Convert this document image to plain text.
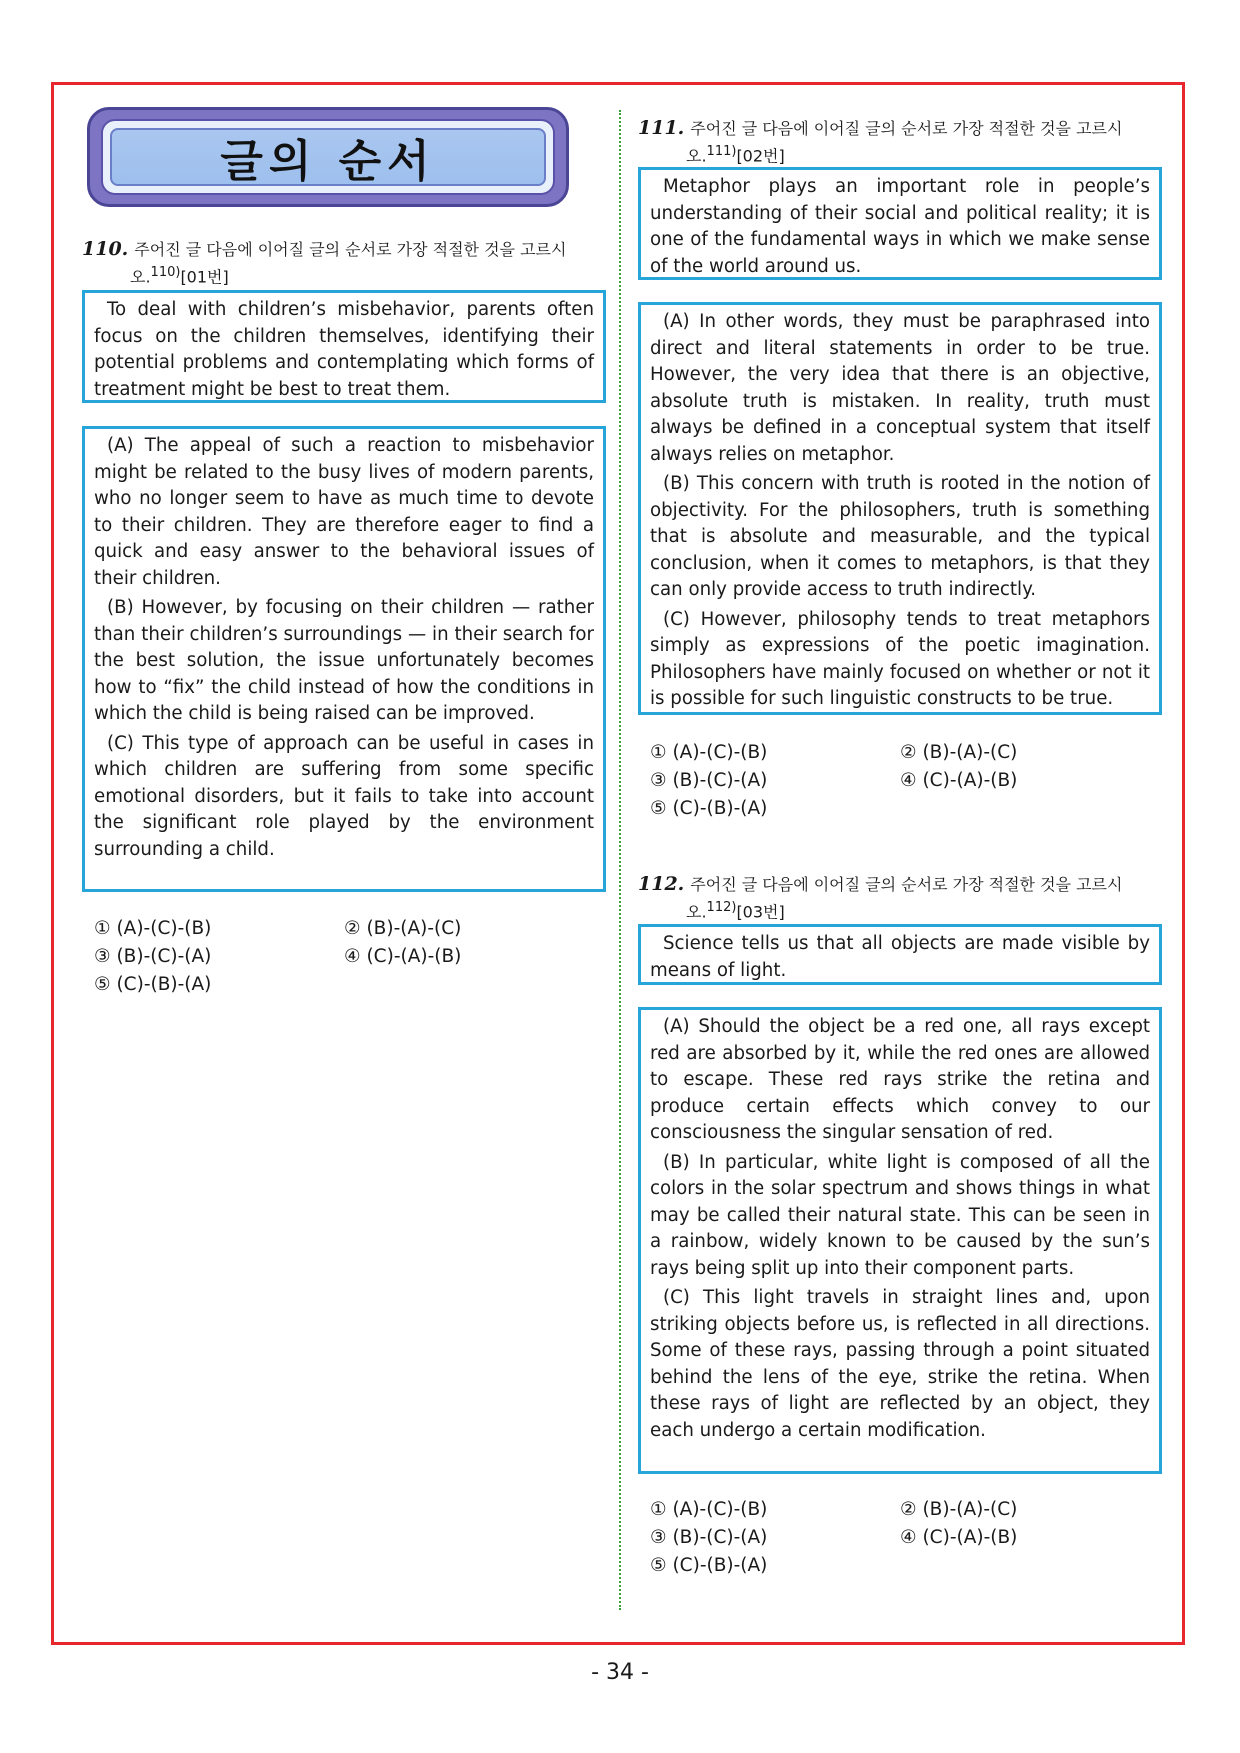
글의 순서
110. 주어진 글 다음에 이어질 글의 순서로 가장 적절한 것을 고르시
오.$^{110)}$[01번]

To deal with children’s misbehavior, parents often focus on the children themselves, identifying their potential problems and contemplating which forms of treatment might be best to treat them.

(A) The appeal of such a reaction to misbehavior might be related to the busy lives of modern parents, who no longer seem to have as much time to devote to their children. They are therefore eager to find a quick and easy answer to the behavioral issues of their children.

(B) However, by focusing on their children — rather than their children’s surroundings — in their search for the best solution, the issue unfortunately becomes how to “fix” the child instead of how the conditions in which the child is being raised can be improved.

(C) This type of approach can be useful in cases in which children are suffering from some specific emotional disorders, but it fails to take into account the significant role played by the environment surrounding a child.

① (A)-(C)-(B)	② (B)-(A)-(C)
③ (B)-(C)-(A)	④ (C)-(A)-(B)
⑤ (C)-(B)-(A)
111. 주어진 글 다음에 이어질 글의 순서로 가장 적절한 것을 고르시
오.$^{111)}$[02번]

Metaphor plays an important role in people’s understanding of their social and political reality; it is one of the fundamental ways in which we make sense of the world around us.

(A) In other words, they must be paraphrased into direct and literal statements in order to be true. However, the very idea that there is an objective, absolute truth is mistaken. In reality, truth must always be defined in a conceptual system that itself always relies on metaphor.

(B) This concern with truth is rooted in the notion of objectivity. For the philosophers, truth is something that is absolute and measurable, and the typical conclusion, when it comes to metaphors, is that they can only provide access to truth indirectly.

(C) However, philosophy tends to treat metaphors simply as expressions of the poetic imagination. Philosophers have mainly focused on whether or not it is possible for such linguistic constructs to be true.

① (A)-(C)-(B)	② (B)-(A)-(C)
③ (B)-(C)-(A)	④ (C)-(A)-(B)
⑤ (C)-(B)-(A)
112. 주어진 글 다음에 이어질 글의 순서로 가장 적절한 것을 고르시
오.$^{112)}$[03번]

Science tells us that all objects are made visible by means of light.

(A) Should the object be a red one, all rays except red are absorbed by it, while the red ones are allowed to escape. These red rays strike the retina and produce certain effects which convey to our consciousness the singular sensation of red.

(B) In particular, white light is composed of all the colors in the solar spectrum and shows things in what may be called their natural state. This can be seen in a rainbow, widely known to be caused by the sun’s rays being split up into their component parts.

(C) This light travels in straight lines and, upon striking objects before us, is reflected in all directions. Some of these rays, passing through a point situated behind the lens of the eye, strike the retina. When these rays of light are reflected by an object, they each undergo a certain modification.

① (A)-(C)-(B)	② (B)-(A)-(C)
③ (B)-(C)-(A)	④ (C)-(A)-(B)
⑤ (C)-(B)-(A)
- 34 -
